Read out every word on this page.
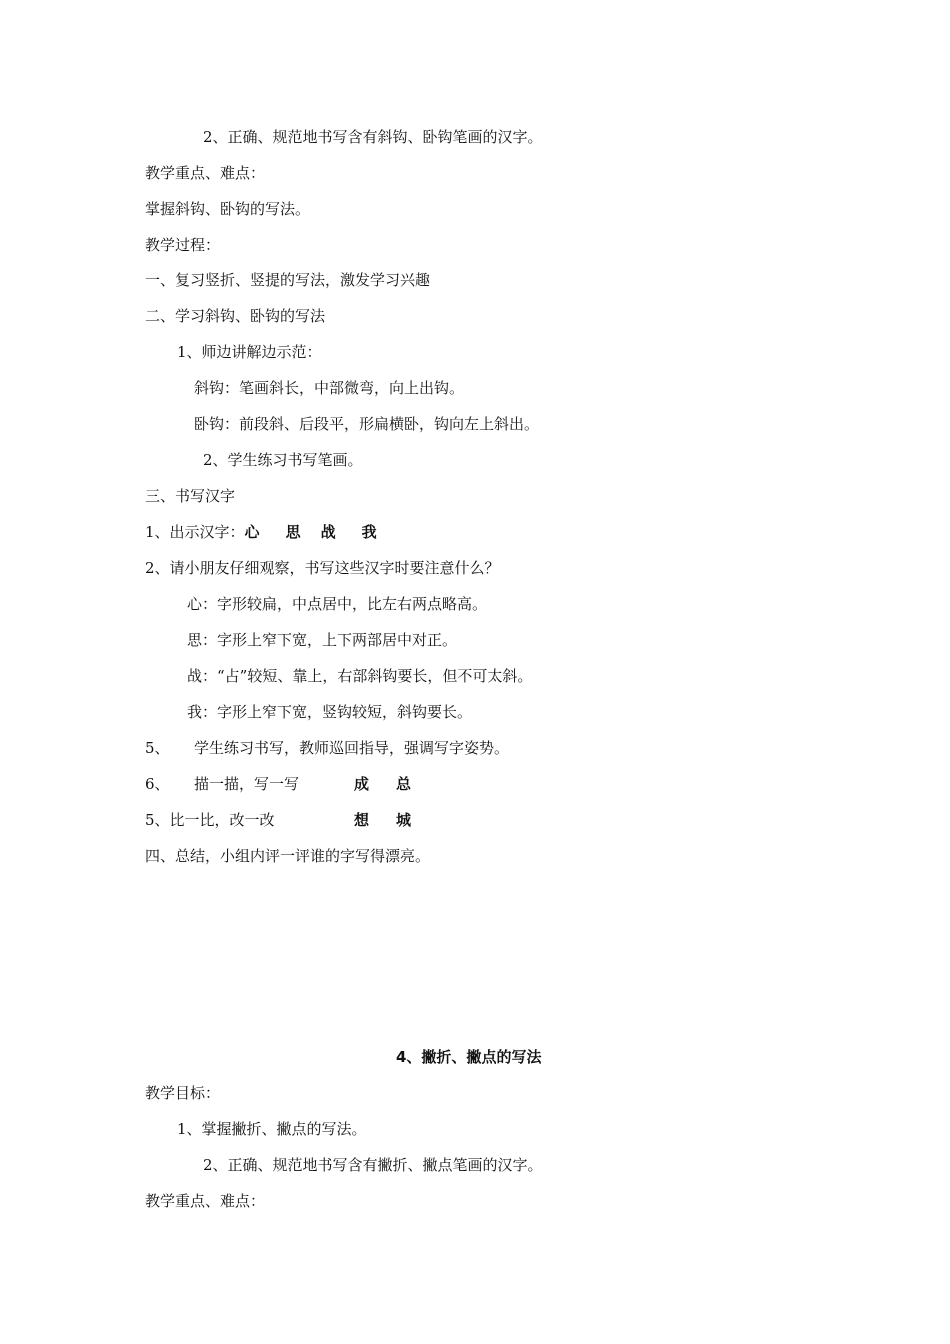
2、正确、规范地书写含有斜钩、卧钩笔画的汉字。
教学重点、难点：
掌握斜钩、卧钩的写法。
教学过程：
一、复习竖折、竖提的写法，激发学习兴趣
二、学习斜钩、卧钩的写法
1、师边讲解边示范：
斜钩：笔画斜长，中部微弯，向上出钩。
卧钩：前段斜、后段平，形扁横卧，钩向左上斜出。
2、学生练习书写笔画。
三、书写汉字
1、出示汉字：心 思 战 我
2、请小朋友仔细观察，书写这些汉字时要注意什么？
心：字形较扁，中点居中，比左右两点略高。
思：字形上窄下宽，上下两部居中对正。
战：“占”较短、靠上，右部斜钩要长，但不可太斜。
我：字形上窄下宽，竖钩较短，斜钩要长。
5、 学生练习书写，教师巡回指导，强调写字姿势。
6、 描一描，写一写	成 总
5、比一比，改一改	想 城
四、总结，小组内评一评谁的字写得漂亮。
4、撇折、撇点的写法
教学目标：
1、掌握撇折、撇点的写法。
2、正确、规范地书写含有撇折、撇点笔画的汉字。
教学重点、难点：
